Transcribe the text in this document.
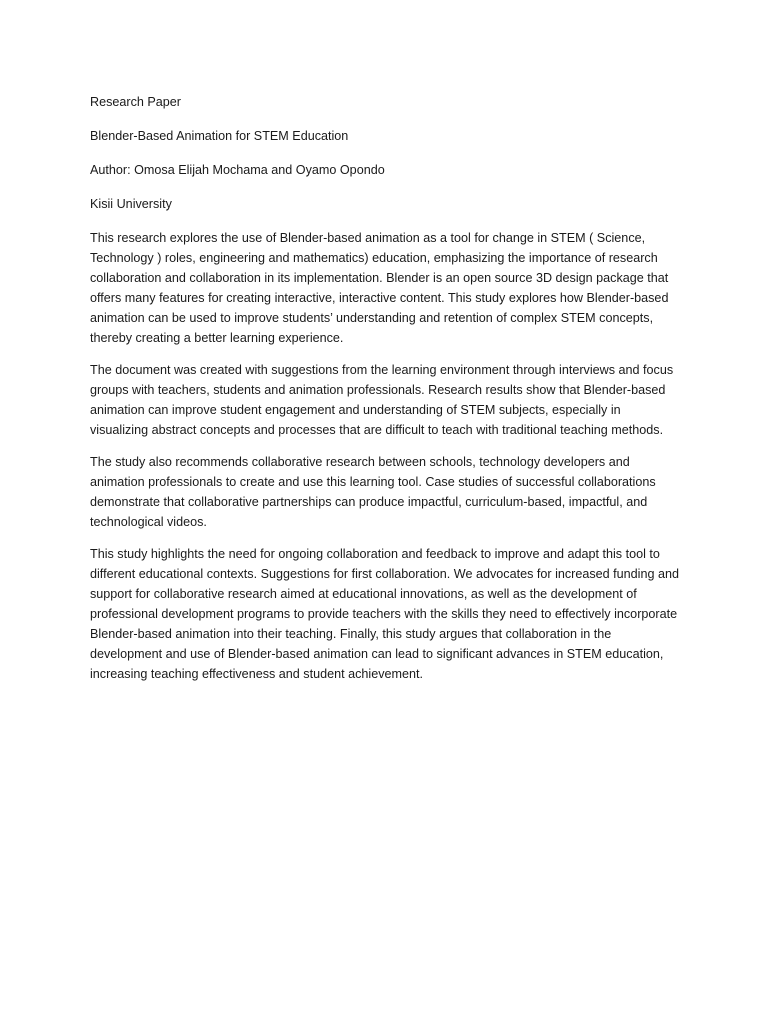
Research Paper

Blender-Based Animation for STEM Education

Author: Omosa Elijah Mochama and Oyamo Opondo

Kisii University

This research explores the use of Blender-based animation as a tool for change in STEM ( Science, Technology ) roles, engineering and mathematics) education, emphasizing the importance of research collaboration and collaboration in its implementation. Blender is an open source 3D design package that offers many features for creating interactive, interactive content. This study explores how Blender-based animation can be used to improve students’ understanding and retention of complex STEM concepts, thereby creating a better learning experience.

The document was created with suggestions from the learning environment through interviews and focus groups with teachers, students and animation professionals. Research results show that Blender-based animation can improve student engagement and understanding of STEM subjects, especially in visualizing abstract concepts and processes that are difficult to teach with traditional teaching methods.

The study also recommends collaborative research between schools, technology developers and animation professionals to create and use this learning tool. Case studies of successful collaborations demonstrate that collaborative partnerships can produce impactful, curriculum-based, impactful, and technological videos.

This study highlights the need for ongoing collaboration and feedback to improve and adapt this tool to different educational contexts. Suggestions for first collaboration. We advocates for increased funding and support for collaborative research aimed at educational innovations, as well as the development of professional development programs to provide teachers with the skills they need to effectively incorporate Blender-based animation into their teaching. Finally, this study argues that collaboration in the development and use of Blender-based animation can lead to significant advances in STEM education, increasing teaching effectiveness and student achievement.
